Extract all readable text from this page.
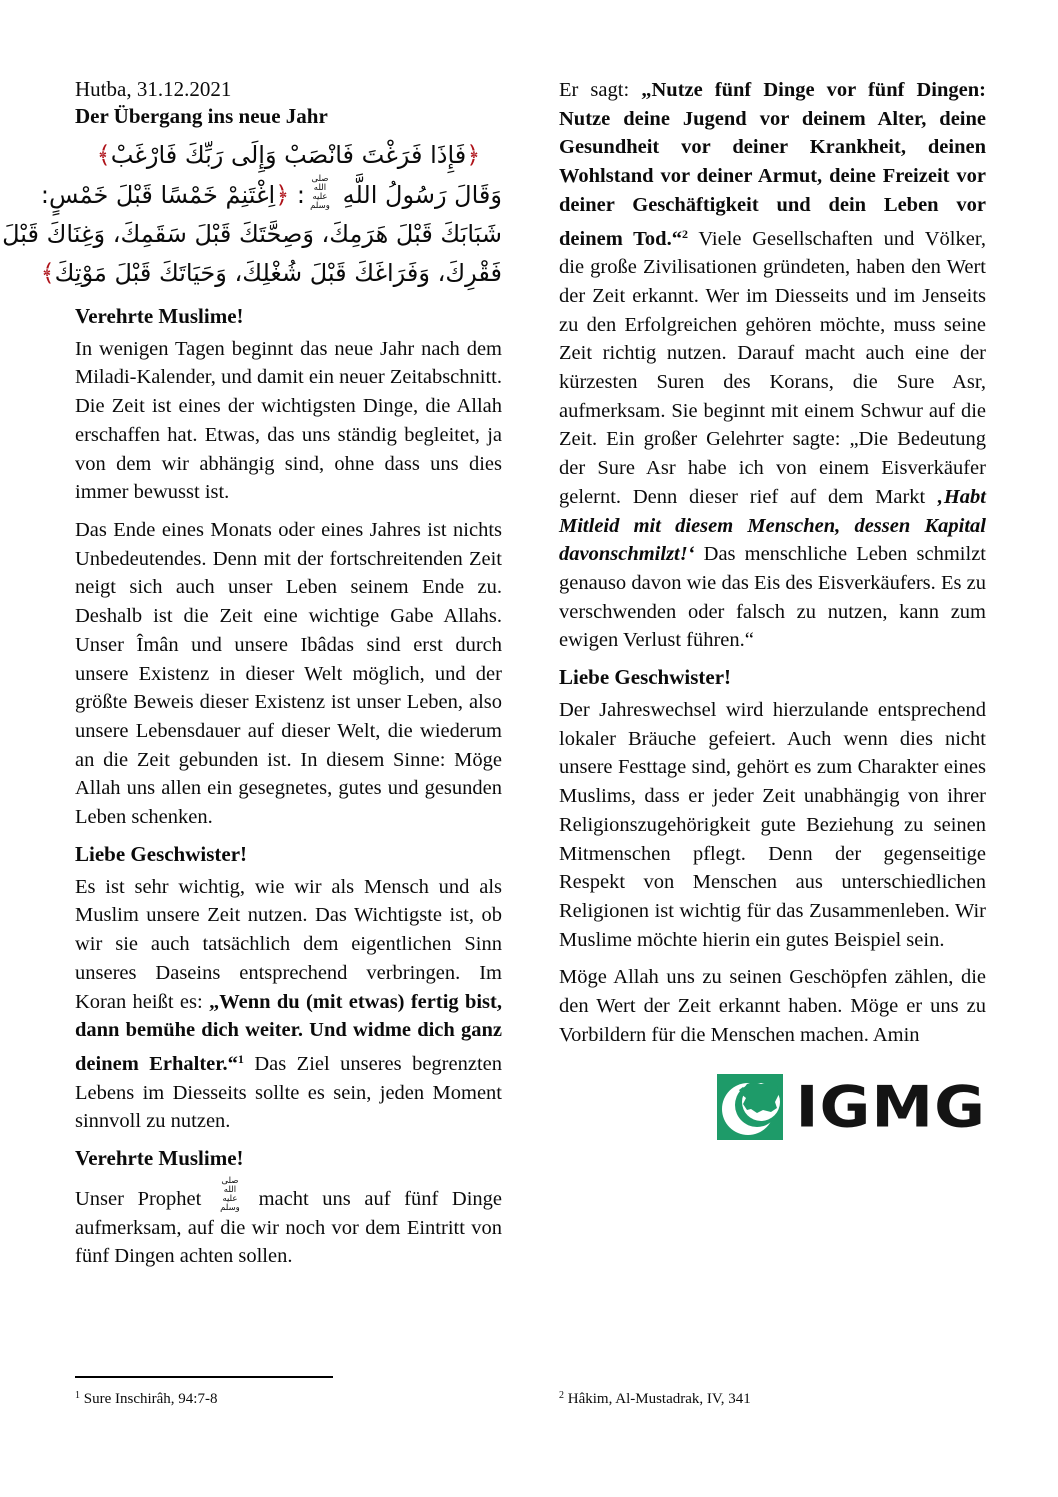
Hutba, 31.12.2021
Der Übergang ins neue Jahr
﴿فَإِذَا فَرَغْتَ فَانْصَبْ وَإِلَى رَبِّكَ فَارْغَبْ﴾
وَقَالَ رَسُولُ اللَّهِ صلى الله عليه وسلم: ﴿اِغْتَنِمْ خَمْسًا قَبْلَ خَمْسٍ:
شَبَابَكَ قَبْلَ هَرَمِكَ، وَصِحَّتَكَ قَبْلَ سَقَمِكَ، وَغِنَاكَ قَبْلَ
فَقْرِكَ، وَفَرَاغَكَ قَبْلَ شُغْلِكَ، وَحَيَاتَكَ قَبْلَ مَوْتِكَ﴾
Verehrte Muslime!

In wenigen Tagen beginnt das neue Jahr nach dem Miladi-Kalender, und damit ein neuer Zeitabschnitt. Die Zeit ist eines der wichtigsten Dinge, die Allah erschaffen hat. Etwas, das uns ständig begleitet, ja von dem wir abhängig sind, ohne dass uns dies immer bewusst ist.

Das Ende eines Monats oder eines Jahres ist nichts Unbedeutendes. Denn mit der fortschreitenden Zeit neigt sich auch unser Leben seinem Ende zu. Deshalb ist die Zeit eine wichtige Gabe Allahs. Unser Îmân und unsere Ibâdas sind erst durch unsere Existenz in dieser Welt möglich, und der größte Beweis dieser Existenz ist unser Leben, also unsere Lebensdauer auf dieser Welt, die wiederum an die Zeit gebunden ist. In diesem Sinne: Möge Allah uns allen ein gesegnetes, gutes und gesunden Leben schenken.

Liebe Geschwister!

Es ist sehr wichtig, wie wir als Mensch und als Muslim unsere Zeit nutzen. Das Wichtigste ist, ob wir sie auch tatsächlich dem eigentlichen Sinn unseres Daseins entsprechend verbringen. Im Koran heißt es: „Wenn du (mit etwas) fertig bist, dann bemühe dich weiter. Und widme dich ganz deinem Erhalter.“$^1$ Das Ziel unseres begrenzten Lebens im Diesseits sollte es sein, jeden Moment sinnvoll zu nutzen.

Verehrte Muslime!

Unser Prophet صلى الله عليه وسلم macht uns auf fünf Dinge aufmerksam, auf die wir noch vor dem Eintritt von fünf Dingen achten sollen.

Er sagt: „Nutze fünf Dinge vor fünf Dingen: Nutze deine Jugend vor deinem Alter, deine Gesundheit vor deiner Krankheit, deinen Wohlstand vor deiner Armut, deine Freizeit vor deiner Geschäftigkeit und dein Leben vor deinem Tod.“$^2$ Viele Gesellschaften und Völker, die große Zivilisationen gründeten, haben den Wert der Zeit erkannt. Wer im Diesseits und im Jenseits zu den Erfolgreichen gehören möchte, muss seine Zeit richtig nutzen. Darauf macht auch eine der kürzesten Suren des Korans, die Sure Asr, aufmerksam. Sie beginnt mit einem Schwur auf die Zeit. Ein großer Gelehrter sagte: „Die Bedeutung der Sure Asr habe ich von einem Eisverkäufer gelernt. Denn dieser rief auf dem Markt ‚Habt Mitleid mit diesem Menschen, dessen Kapital davonschmilzt!‘ Das menschliche Leben schmilzt genauso davon wie das Eis des Eisverkäufers. Es zu verschwenden oder falsch zu nutzen, kann zum ewigen Verlust führen.“

Liebe Geschwister!

Der Jahreswechsel wird hierzulande entsprechend lokaler Bräuche gefeiert. Auch wenn dies nicht unsere Festtage sind, gehört es zum Charakter eines Muslims, dass er jeder Zeit unabhängig von ihrer Religionszugehörigkeit gute Beziehung zu seinen Mitmenschen pflegt. Denn der gegenseitige Respekt von Menschen aus unterschiedlichen Religionen ist wichtig für das Zusammenleben. Wir Muslime möchte hierin ein gutes Beispiel sein.

Möge Allah uns zu seinen Geschöpfen zählen, die den Wert der Zeit erkannt haben. Möge er uns zu Vorbildern für die Menschen machen. Amin

IGMG
$^1$ Sure Inschirâh, 94:7-8	$^2$ Hâkim, Al-Mustadrak, IV, 341
